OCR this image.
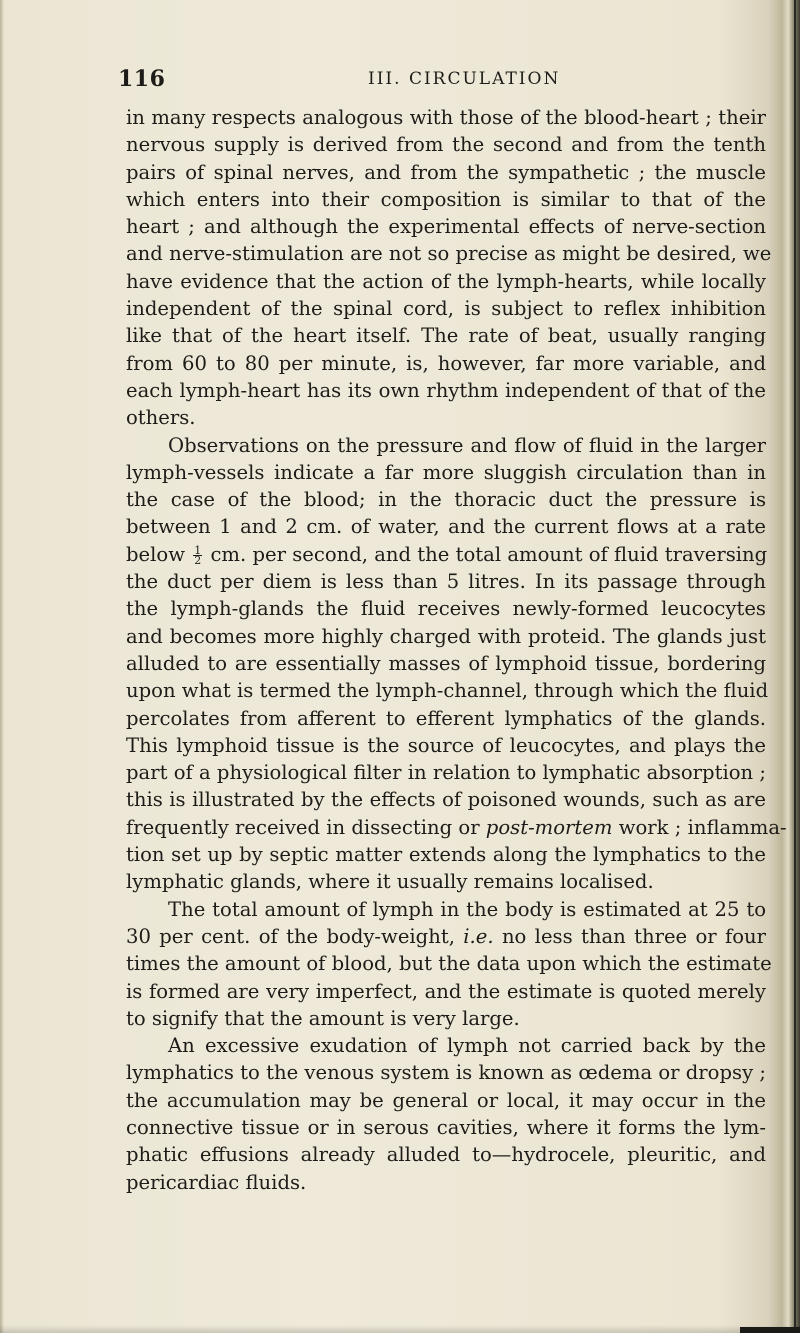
116	III. CIRCULATION
in many respects analogous with those of the blood-heart ; their
nervous supply is derived from the second and from the tenth
pairs of spinal nerves, and from the sympathetic ; the muscle
which enters into their composition is similar to that of the
heart ; and although the experimental effects of nerve-section
and nerve-stimulation are not so precise as might be desired, we
have evidence that the action of the lymph-hearts, while locally
independent of the spinal cord, is subject to reflex inhibition
like that of the heart itself. The rate of beat, usually ranging
from 60 to 80 per minute, is, however, far more variable, and
each lymph-heart has its own rhythm independent of that of the
others.
Observations on the pressure and flow of fluid in the larger
lymph-vessels indicate a far more sluggish circulation than in
the case of the blood; in the thoracic duct the pressure is
between 1 and 2 cm. of water, and the current flows at a rate
below $\frac{1}{2}$ cm. per second, and the total amount of fluid traversing
the duct per diem is less than 5 litres. In its passage through
the lymph-glands the fluid receives newly-formed leucocytes
and becomes more highly charged with proteid. The glands just
alluded to are essentially masses of lymphoid tissue, bordering
upon what is termed the lymph-channel, through which the fluid
percolates from afferent to efferent lymphatics of the glands.
This lymphoid tissue is the source of leucocytes, and plays the
part of a physiological filter in relation to lymphatic absorption ;
this is illustrated by the effects of poisoned wounds, such as are
frequently received in dissecting or post-mortem work ; inflamma-
tion set up by septic matter extends along the lymphatics to the
lymphatic glands, where it usually remains localised.
The total amount of lymph in the body is estimated at 25 to
30 per cent. of the body-weight, i.e. no less than three or four
times the amount of blood, but the data upon which the estimate
is formed are very imperfect, and the estimate is quoted merely
to signify that the amount is very large.
An excessive exudation of lymph not carried back by the
lymphatics to the venous system is known as œdema or dropsy ;
the accumulation may be general or local, it may occur in the
connective tissue or in serous cavities, where it forms the lym-
phatic effusions already alluded to—hydrocele, pleuritic, and
pericardiac fluids.
